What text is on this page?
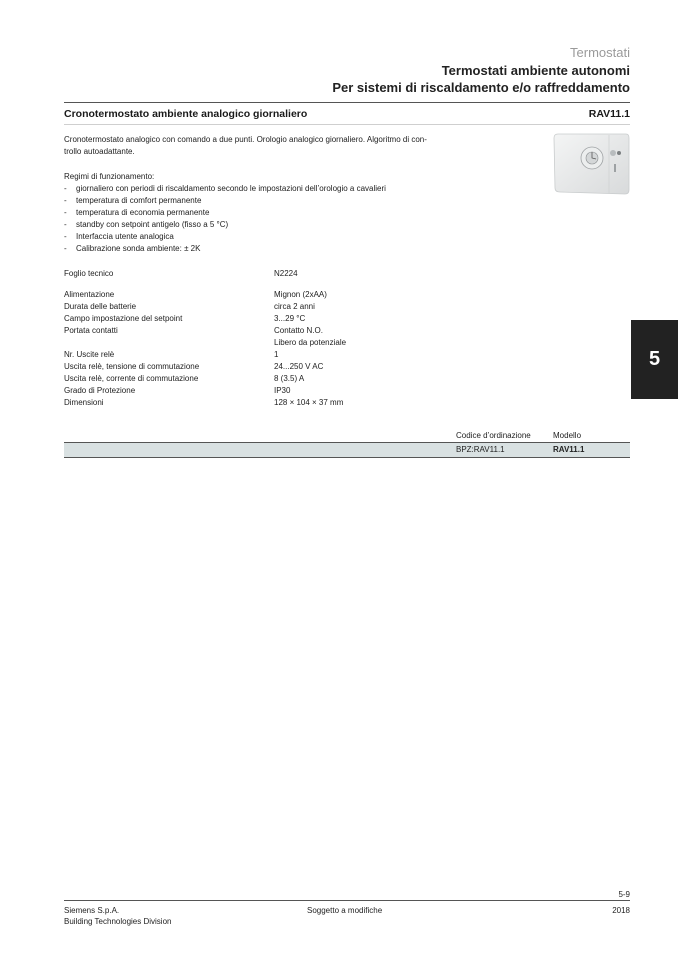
Termostati
Termostati ambiente autonomi
Per sistemi di riscaldamento e/o raffreddamento
Cronotermostato ambiente analogico giornaliero	RAV11.1
Cronotermostato analogico con comando a due punti. Orologio analogico giornaliero. Algoritmo di con-
trollo autoadattante.
Regimi di funzionamento:
- giornaliero con periodi di riscaldamento secondo le impostazioni dell’orologio a cavalieri
- temperatura di comfort permanente
- temperatura di economia permanente
- standby con setpoint antigelo (fisso a 5 °C)
- Interfaccia utente analogica
- Calibrazione sonda ambiente: ± 2K
Foglio tecnico	N2224
Alimentazione	Mignon (2xAA)
Durata delle batterie	circa 2 anni
Campo impostazione del setpoint	3...29 °C
Portata contatti	Contatto N.O.
Libero da potenziale
Nr. Uscite relè	1
Uscita relè, tensione di commutazione	24...250 V AC
Uscita relè, corrente di commutazione	8 (3.5) A
Grado di Protezione	IP30
Dimensioni	128 × 104 × 37 mm
5
Codice d’ordinazione	Modello
BPZ:RAV11.1	RAV11.1
5-9
Siemens S.p.A.
Building Technologies Division
Soggetto a modifiche	2018
